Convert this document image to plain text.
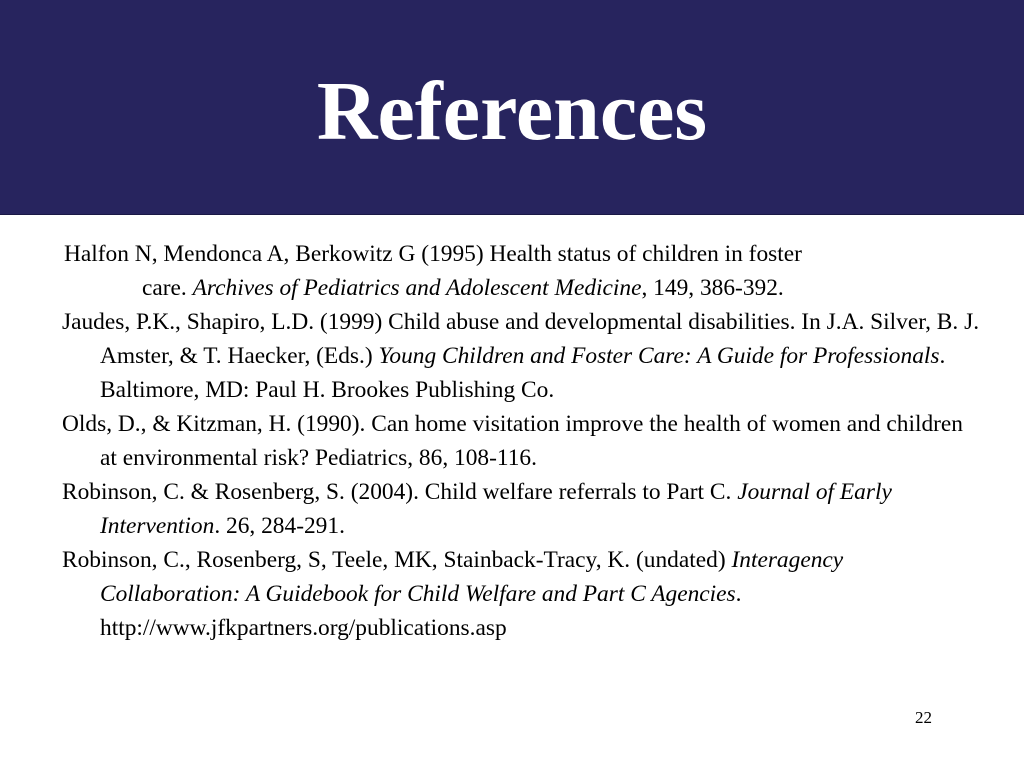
References

Halfon N, Mendonca A, Berkowitz G (1995) Health status of children in foster
care. Archives of Pediatrics and Adolescent Medicine, 149, 386-392.

Jaudes, P.K., Shapiro, L.D. (1999) Child abuse and developmental disabilities. In J.A. Silver, B. J. Amster, & T. Haecker, (Eds.) Young Children and Foster Care: A Guide for Professionals. Baltimore, MD: Paul H. Brookes Publishing Co.

Olds, D., & Kitzman, H. (1990). Can home visitation improve the health of women and children at environmental risk? Pediatrics, 86, 108-116.

Robinson, C. & Rosenberg, S. (2004). Child welfare referrals to Part C. Journal of Early Intervention. 26, 284-291.

Robinson, C., Rosenberg, S, Teele, MK, Stainback-Tracy, K. (undated) Interagency Collaboration: A Guidebook for Child Welfare and Part C Agencies. http://www.jfkpartners.org/publications.asp

22
